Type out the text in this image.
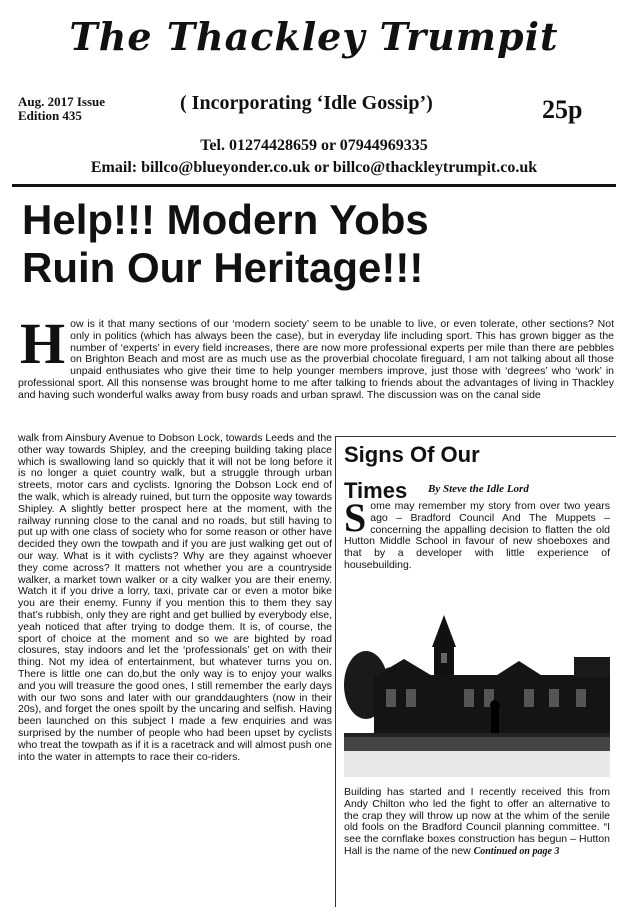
The Thackley Trumpit
Aug. 2017 Issue
Edition 435
( Incorporating ‘Idle Gossip’)	25p
Tel. 01274428659 or 07944969335
Email: billco@blueyonder.co.uk or billco@thackleytrumpit.co.uk
Help!!! Modern Yobs
Ruin Our Heritage!!!
H ow is it that many sections of our ‘modern society’ seem to be unable to live, or even tolerate, other sections? Not only in politics (which has always been the case), but in everyday life including sport. This has grown bigger as the number of ‘experts’ in every field increases, there are now more professional experts per mile than there are pebbles on Brighton Beach and most are as much use as the proverbial chocolate fireguard, I am not talking about all those unpaid enthusiates who give their time to help younger members improve, just those with ‘degrees’ who ‘work’ in professional sport. All this nonsense was brought home to me after talking to friends about the advantages of living in Thackley and having such wonderful walks away from busy roads and urban sprawl. The discussion was on the canal side
walk from Ainsbury Avenue to Dobson Lock, towards Leeds and the other way towards Shipley, and the creeping building taking place which is swallowing land so quickly that it will not be long before it is no longer a quiet country walk, but a struggle through urban streets, motor cars and cyclists. Ignoring the Dobson Lock end of the walk, which is already ruined, but turn the opposite way towards Shipley. A slightly better prospect here at the moment, with the railway running close to the canal and no roads, but still having to put up with one class of society who for some reason or other have decided they own the towpath and if you are just walking get out of our way. What is it with cyclists? Why are they against whoever they come across? It matters not whether you are a countryside walker, a market town walker or a city walker you are their enemy. Watch it if you drive a lorry, taxi, private car or even a motor bike you are their enemy. Funny if you mention this to them they say that’s rubbish, only they are right and get bullied by everybody else, yeah noticed that after trying to dodge them. It is, of course, the sport of choice at the moment and so we are bighted by road closures, stay indoors and let the ‘professionals’ get on with their thing. Not my idea of entertainment, but whatever turns you on. There is little one can do,but the only way is to enjoy your walks and you will treasure the good ones, I still remember the early days with our two sons and later with our granddaughters (now in their 20s), and forget the ones spoilt by the uncaring and selfish. Having been launched on this subject I made a few enquiries and was surprised by the number of people who had been upset by cyclists who treat the towpath as if it is a racetrack and will almost push one into the water in attempts to race their co-riders.
Signs Of Our
Times	By Steve the Idle Lord
S ome may remember my story from over two years ago – Bradford Council And The Muppets – concerning the appalling decision to flatten the old Hutton Middle School in favour of new shoeboxes and that by a developer with little experience of housebuilding.
Building has started and I recently received this from Andy Chilton who led the fight to offer an alternative to the crap they will throw up now at the whim of the senile old fools on the Bradford Council planning committee. “I see the cornflake boxes construction has begun – Hutton Hall is the name of the new Continued on page 3
